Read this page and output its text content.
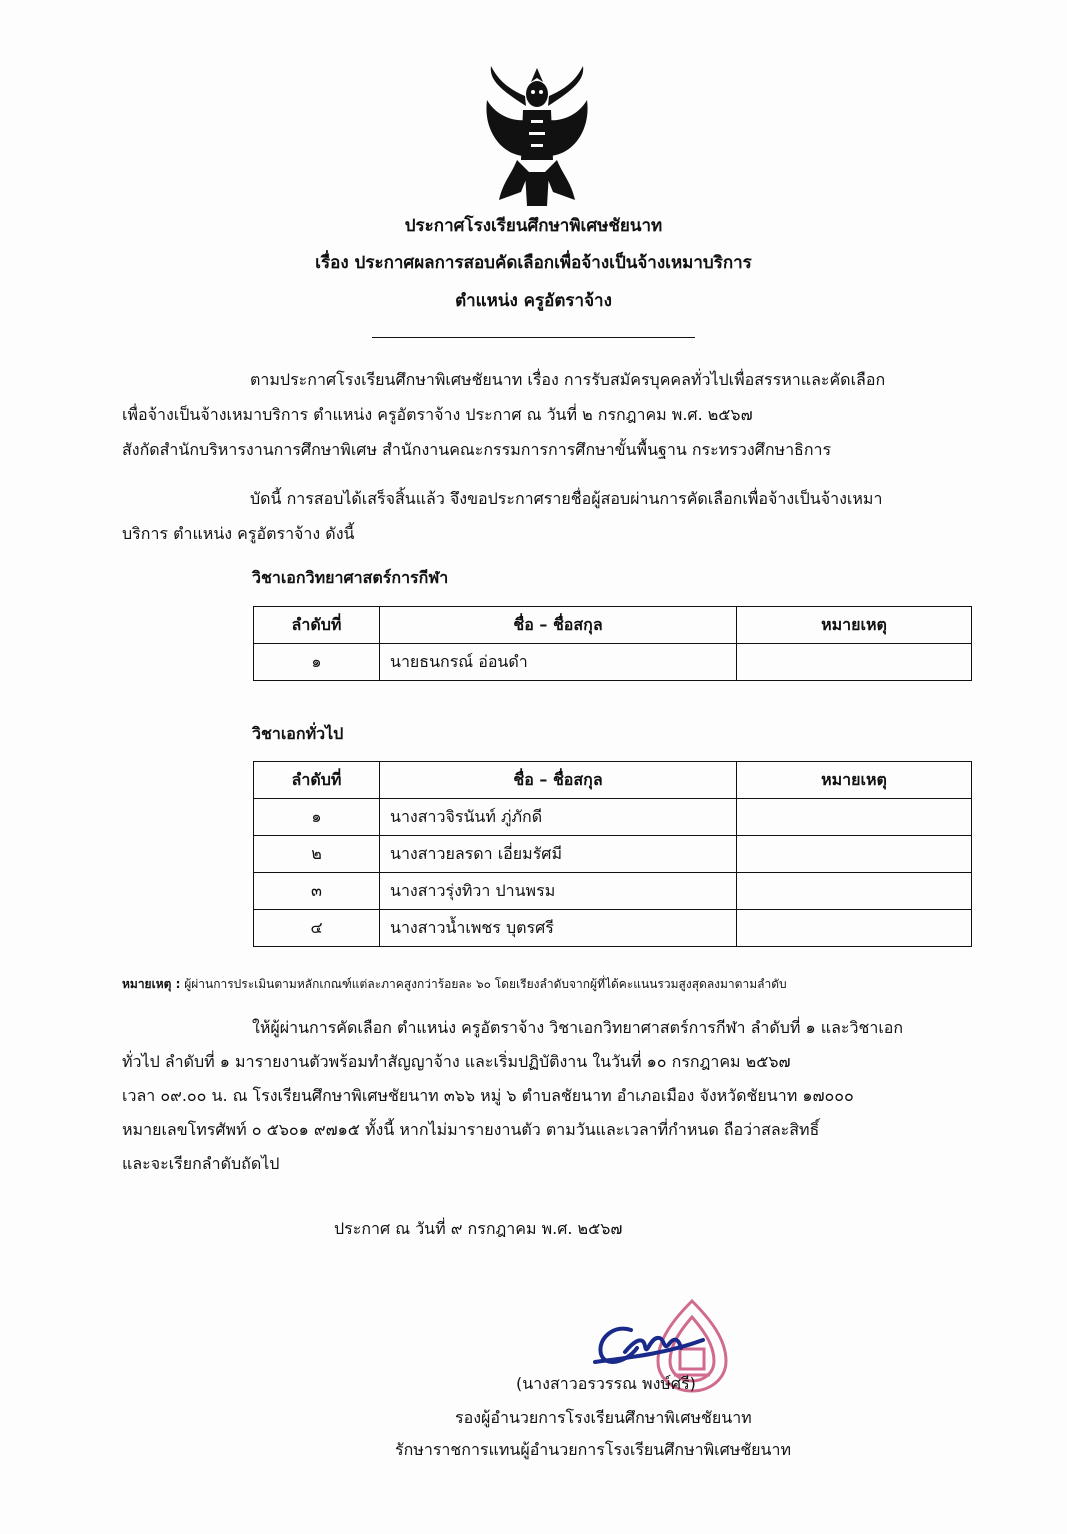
ประกาศโรงเรียนศึกษาพิเศษชัยนาท
เรื่อง ประกาศผลการสอบคัดเลือกเพื่อจ้างเป็นจ้างเหมาบริการ
ตำแหน่ง ครูอัตราจ้าง
ตามประกาศโรงเรียนศึกษาพิเศษชัยนาท เรื่อง การรับสมัครบุคคลทั่วไปเพื่อสรรหาและคัดเลือก
เพื่อจ้างเป็นจ้างเหมาบริการ ตำแหน่ง ครูอัตราจ้าง ประกาศ ณ วันที่ ๒ กรกฎาคม พ.ศ. ๒๕๖๗
สังกัดสำนักบริหารงานการศึกษาพิเศษ สำนักงานคณะกรรมการการศึกษาขั้นพื้นฐาน กระทรวงศึกษาธิการ
บัดนี้ การสอบได้เสร็จสิ้นแล้ว จึงขอประกาศรายชื่อผู้สอบผ่านการคัดเลือกเพื่อจ้างเป็นจ้างเหมา
บริการ ตำแหน่ง ครูอัตราจ้าง ดังนี้
วิชาเอกวิทยาศาสตร์การกีฬา
ลำดับที่	ชื่อ – ชื่อสกุล	หมายเหตุ
๑	นายธนกรณ์ อ่อนดำ	
วิชาเอกทั่วไป
ลำดับที่	ชื่อ – ชื่อสกุล	หมายเหตุ
๑	นางสาวจิรนันท์ ภู่ภักดี	
๒	นางสาวยลรดา เอี่ยมรัศมี	
๓	นางสาวรุ่งทิวา ปานพรม	
๔	นางสาวน้ำเพชร บุตรศรี	
หมายเหตุ : ผู้ผ่านการประเมินตามหลักเกณฑ์แต่ละภาคสูงกว่าร้อยละ ๖๐ โดยเรียงลำดับจากผู้ที่ได้คะแนนรวมสูงสุดลงมาตามลำดับ
ให้ผู้ผ่านการคัดเลือก ตำแหน่ง ครูอัตราจ้าง วิชาเอกวิทยาศาสตร์การกีฬา ลำดับที่ ๑ และวิชาเอก
ทั่วไป ลำดับที่ ๑ มารายงานตัวพร้อมทำสัญญาจ้าง และเริ่มปฏิบัติงาน ในวันที่ ๑๐ กรกฎาคม ๒๕๖๗
เวลา ๐๙.๐๐ น. ณ โรงเรียนศึกษาพิเศษชัยนาท ๓๖๖ หมู่ ๖ ตำบลชัยนาท อำเภอเมือง จังหวัดชัยนาท ๑๗๐๐๐
หมายเลขโทรศัพท์ ๐ ๕๖๐๑ ๙๗๑๕ ทั้งนี้ หากไม่มารายงานตัว ตามวันและเวลาที่กำหนด ถือว่าสละสิทธิ์
และจะเรียกลำดับถัดไป
ประกาศ ณ วันที่ ๙ กรกฎาคม พ.ศ. ๒๕๖๗
(นางสาวอรวรรณ พงษ์ศรี)
รองผู้อำนวยการโรงเรียนศึกษาพิเศษชัยนาท
รักษาราชการแทนผู้อำนวยการโรงเรียนศึกษาพิเศษชัยนาท
